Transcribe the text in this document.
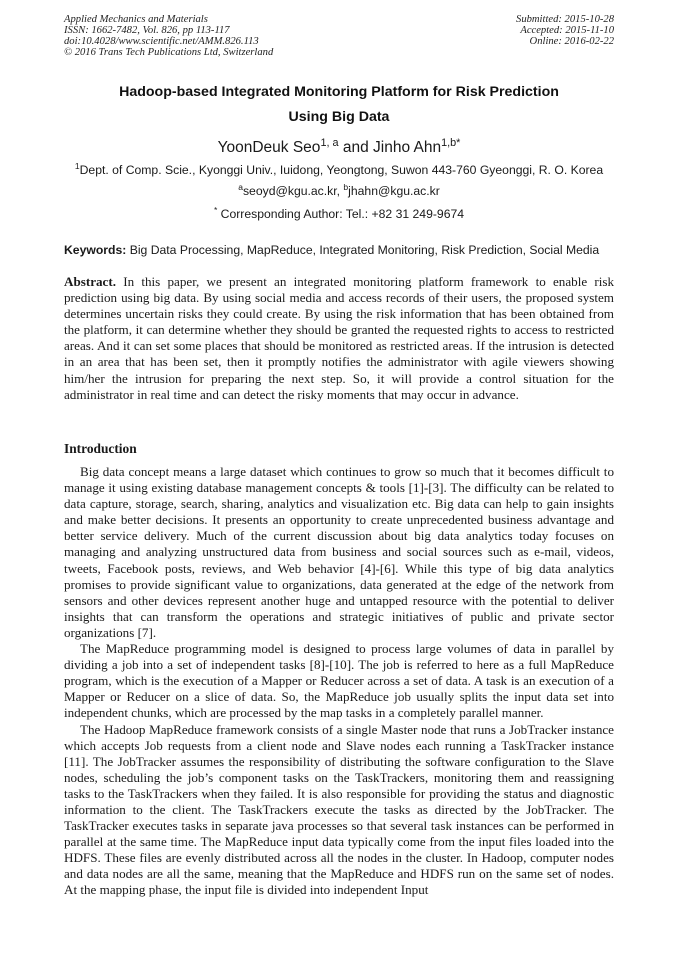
Applied Mechanics and Materials
ISSN: 1662-7482, Vol. 826, pp 113-117
doi:10.4028/www.scientific.net/AMM.826.113
© 2016 Trans Tech Publications Ltd, Switzerland
Submitted: 2015-10-28
Accepted: 2015-11-10
Online: 2016-02-22
Hadoop-based Integrated Monitoring Platform for Risk Prediction
Using Big Data
YoonDeuk Seo$^{1, a}$ and Jinho Ahn$^{1,b*}$
$^1$Dept. of Comp. Scie., Kyonggi Univ., Iuidong, Yeongtong, Suwon 443-760 Gyeonggi, R. O. Korea
$^a$seoyd@kgu.ac.kr, $^b$jhahn@kgu.ac.kr
* Corresponding Author: Tel.: +82 31 249-9674
Keywords: Big Data Processing, MapReduce, Integrated Monitoring, Risk Prediction, Social Media
Abstract. In this paper, we present an integrated monitoring platform framework to enable risk prediction using big data. By using social media and access records of their users, the proposed system determines uncertain risks they could create. By using the risk information that has been obtained from the platform, it can determine whether they should be granted the requested rights to access to restricted areas. And it can set some places that should be monitored as restricted areas. If the intrusion is detected in an area that has been set, then it promptly notifies the administrator with agile viewers showing him/her the intrusion for preparing the next step. So, it will provide a control situation for the administrator in real time and can detect the risky moments that may occur in advance.
Introduction

Big data concept means a large dataset which continues to grow so much that it becomes difficult to manage it using existing database management concepts & tools [1]-[3]. The difficulty can be related to data capture, storage, search, sharing, analytics and visualization etc. Big data can help to gain insights and make better decisions. It presents an opportunity to create unprecedented business advantage and better service delivery. Much of the current discussion about big data analytics today focuses on managing and analyzing unstructured data from business and social sources such as e-mail, videos, tweets, Facebook posts, reviews, and Web behavior [4]-[6]. While this type of big data analytics promises to provide significant value to organizations, data generated at the edge of the network from sensors and other devices represent another huge and untapped resource with the potential to deliver insights that can transform the operations and strategic initiatives of public and private sector organizations [7].

The MapReduce programming model is designed to process large volumes of data in parallel by dividing a job into a set of independent tasks [8]-[10]. The job is referred to here as a full MapReduce program, which is the execution of a Mapper or Reducer across a set of data. A task is an execution of a Mapper or Reducer on a slice of data. So, the MapReduce job usually splits the input data set into independent chunks, which are processed by the map tasks in a completely parallel manner.

The Hadoop MapReduce framework consists of a single Master node that runs a JobTracker instance which accepts Job requests from a client node and Slave nodes each running a TaskTracker instance [11]. The JobTracker assumes the responsibility of distributing the software configuration to the Slave nodes, scheduling the job’s component tasks on the TaskTrackers, monitoring them and reassigning tasks to the TaskTrackers when they failed. It is also responsible for providing the status and diagnostic information to the client. The TaskTrackers execute the tasks as directed by the JobTracker. The TaskTracker executes tasks in separate java processes so that several task instances can be performed in parallel at the same time. The MapReduce input data typically come from the input files loaded into the HDFS. These files are evenly distributed across all the nodes in the cluster. In Hadoop, computer nodes and data nodes are all the same, meaning that the MapReduce and HDFS run on the same set of nodes. At the mapping phase, the input file is divided into independent Input
